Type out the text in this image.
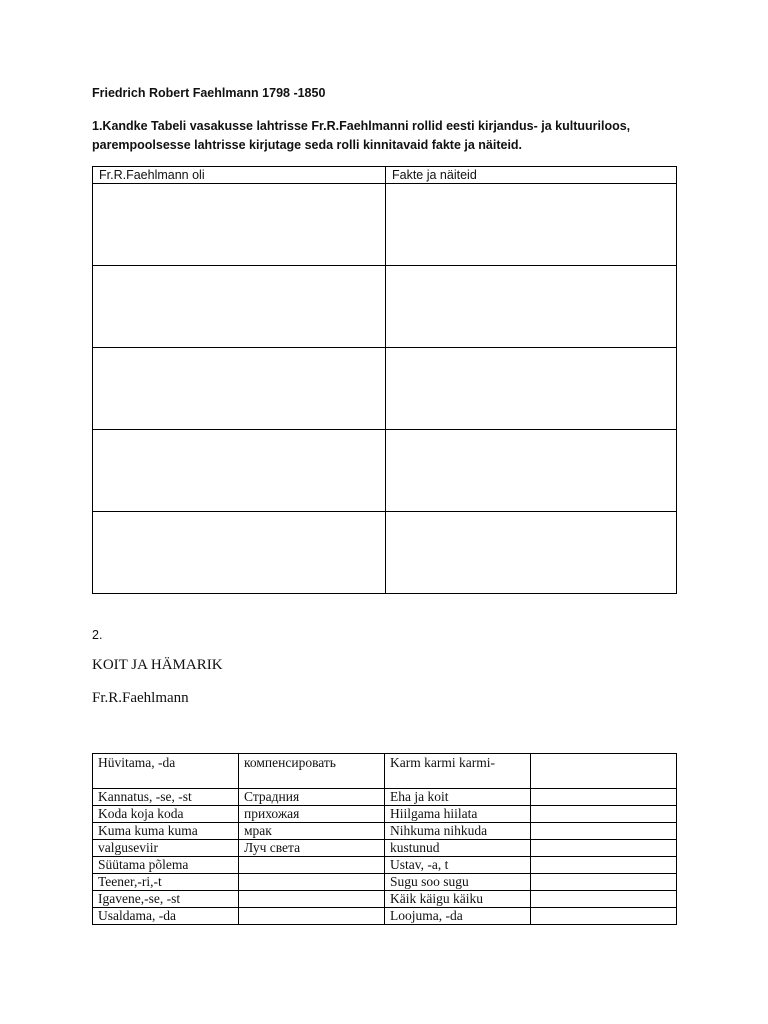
Friedrich Robert Faehlmann 1798 -1850
1.Kandke Tabeli vasakusse lahtrisse Fr.R.Faehlmanni rollid eesti kirjandus- ja kultuuriloos,
parempoolsesse lahtrisse kirjutage seda rolli kinnitavaid fakte ja näiteid.
Fr.R.Faehlmann oli	Fakte ja näiteid

2.
KOIT JA HÄMARIK
Fr.R.Faehlmann
Hüvitama, -da	компенсировать	Karm karmi karmi-	
Kannatus, -se, -st	Страдния	Eha ja koit	
Koda koja koda	прихожая	Hiilgama hiilata	
Kuma kuma kuma	мрак	Nihkuma nihkuda	
valguseviir	Луч света	kustunud	
Süütama põlema		Ustav, -a, t	
Teener,-ri,-t		Sugu soo sugu	
Igavene,-se, -st		Käik käigu käiku	
Usaldama, -da		Loojuma, -da	
